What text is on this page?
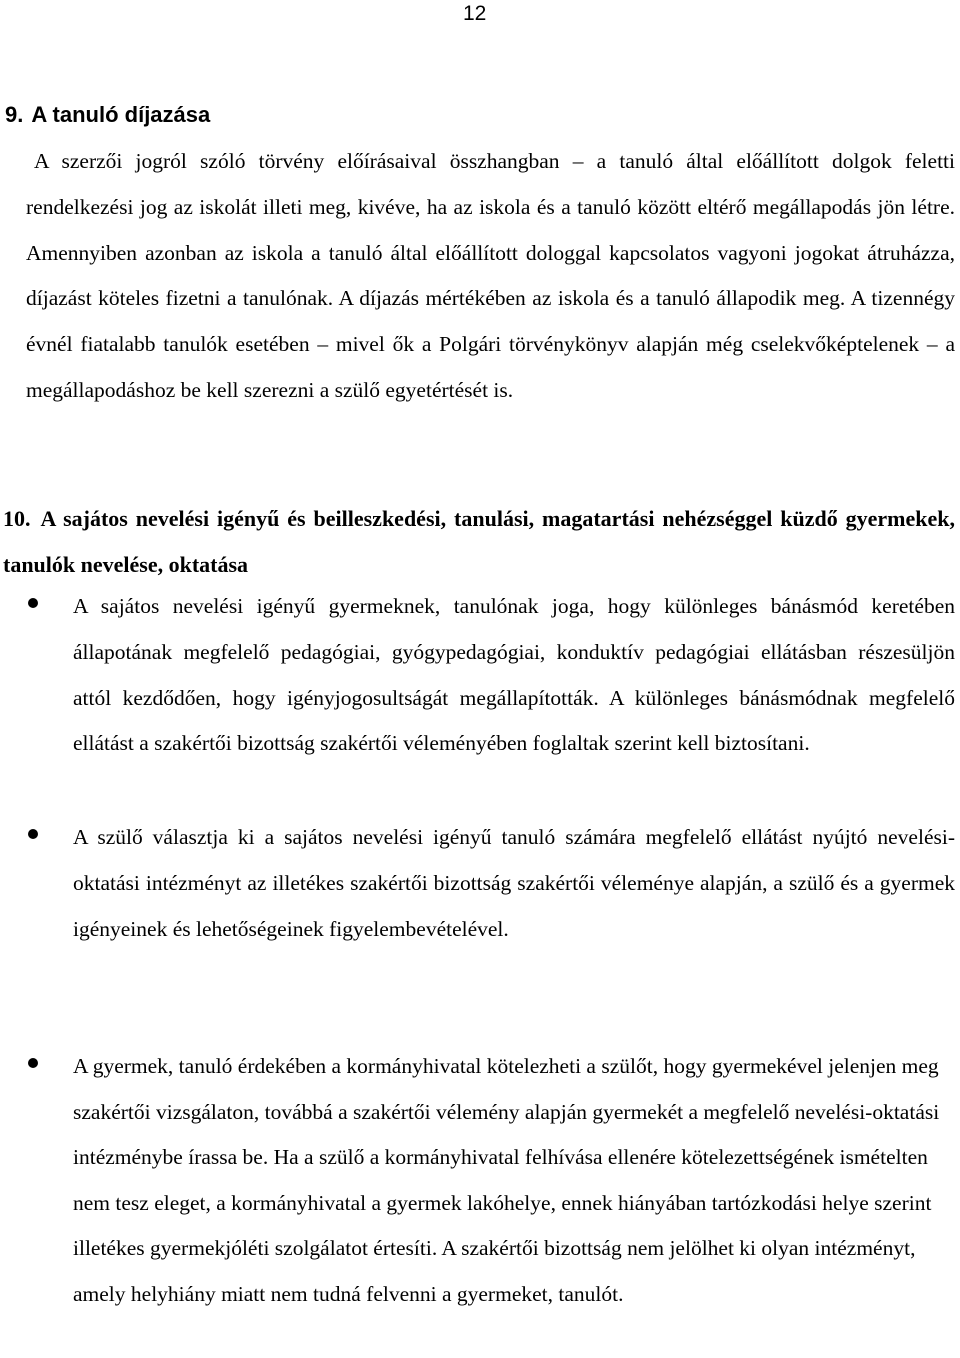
12
9. A tanuló díjazása
A szerzői jogról szóló törvény előírásaival összhangban – a tanuló által előállított dolgok feletti rendelkezési jog az iskolát illeti meg, kivéve, ha az iskola és a tanuló között eltérő megállapodás jön létre. Amennyiben azonban az iskola a tanuló által előállított dologgal kapcsolatos vagyoni jogokat átruházza, díjazást köteles fizetni a tanulónak. A díjazás mértékében az iskola és a tanuló állapodik meg. A tizennégy évnél fiatalabb tanulók esetében – mivel ők a Polgári törvénykönyv alapján még cselekvőképtelenek – a megállapodáshoz be kell szerezni a szülő egyetértését is.
10. A sajátos nevelési igényű és beilleszkedési, tanulási, magatartási nehézséggel küzdő gyermekek, tanulók nevelése, oktatása
A sajátos nevelési igényű gyermeknek, tanulónak joga, hogy különleges bánásmód keretében állapotának megfelelő pedagógiai, gyógypedagógiai, konduktív pedagógiai ellátásban részesüljön attól kezdődően, hogy igényjogosultságát megállapították. A különleges bánásmódnak megfelelő ellátást a szakértői bizottság szakértői véleményében foglaltak szerint kell biztosítani.
A szülő választja ki a sajátos nevelési igényű tanuló számára megfelelő ellátást nyújtó nevelési-oktatási intézményt az illetékes szakértői bizottság szakértői véleménye alapján, a szülő és a gyermek igényeinek és lehetőségeinek figyelembevételével.
A gyermek, tanuló érdekében a kormányhivatal kötelezheti a szülőt, hogy gyermekével jelenjen meg szakértői vizsgálaton, továbbá a szakértői vélemény alapján gyermekét a megfelelő nevelési-oktatási intézménybe írassa be. Ha a szülő a kormányhivatal felhívása ellenére kötelezettségének ismételten nem tesz eleget, a kormányhivatal a gyermek lakóhelye, ennek hiányában tartózkodási helye szerint illetékes gyermekjóléti szolgálatot értesíti. A szakértői bizottság nem jelölhet ki olyan intézményt, amely helyhiány miatt nem tudná felvenni a gyermeket, tanulót.
